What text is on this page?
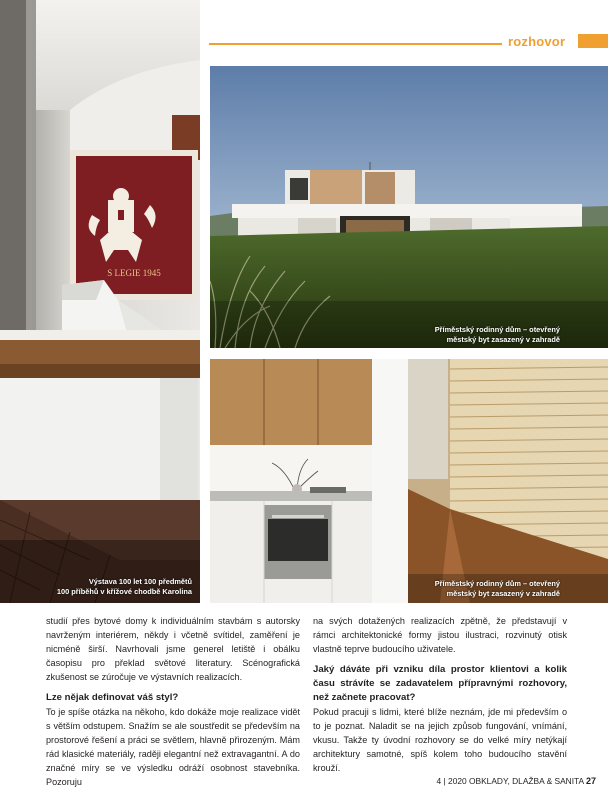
rozhovor
S LEGIE 1945
Výstava 100 let 100 předmětů
100 příběhů v křížové chodbě Karolina
Příměstský rodinný dům – otevřený
městský byt zasazený v zahradě
Příměstský rodinný dům – otevřený
městský byt zasazený v zahradě

studií přes bytové domy k individuálním stavbám s autorsky navrženým interiérem, někdy i včetně svítidel, zaměření je nicméně širší. Navrhovali jsme generel letiště i obálku časopisu pro překlad světové literatury. Scénografická zkušenost se zúročuje ve výstavních realizacích.

Lze nějak definovat váš styl?

To je spíše otázka na někoho, kdo dokáže moje realizace vidět s větším odstupem. Snažím se ale soustředit se především na prostorové řešení a práci se světlem, hlavně přirozeným. Mám rád klasické materiály, raději elegantní než extravagantní. A do značné míry se ve výsledku odráží osobnost stavebníka. Pozoruju

na svých dotažených realizacích zpětně, že představují v rámci architektonické formy jistou ilustraci, rozvinutý otisk vlastně teprve budoucího uživatele.

Jaký dáváte při vzniku díla prostor klientovi a kolik času strávíte se zadavatelem přípravnými rozhovory, než začnete pracovat?

Pokud pracuji s lidmi, které blíže neznám, jde mi především o to je poznat. Naladit se na jejich způsob fungování, vnímání, vkusu. Takže ty úvodní rozhovory se do velké míry netýkají architektury samotné, spíš kolem toho budoucího stavění krouží.

4 | 2020 OBKLADY, DLAŽBA & SANITA 27
